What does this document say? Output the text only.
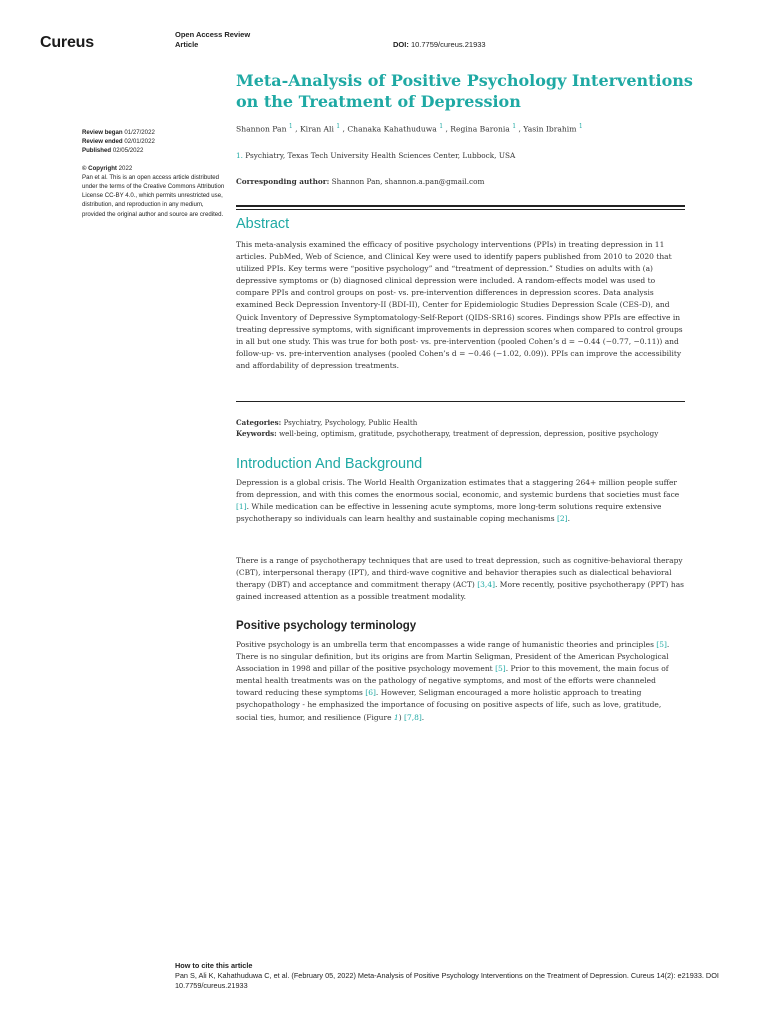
Cureus	Open Access Review
Article	DOI: 10.7759/cureus.21933
Meta-Analysis of Positive Psychology Interventions on the Treatment of Depression
Shannon Pan $^1$ , Kiran Ali $^1$ , Chanaka Kahathuduwa $^1$ , Regina Baronia $^1$ , Yasin Ibrahim $^1$
1. Psychiatry, Texas Tech University Health Sciences Center, Lubbock, USA
Corresponding author: Shannon Pan, shannon.a.pan@gmail.com
Review began 01/27/2022
Review ended 02/01/2022
Published 02/05/2022
© Copyright 2022
Pan et al. This is an open access article distributed under the terms of the Creative Commons Attribution License CC-BY 4.0., which permits unrestricted use, distribution, and reproduction in any medium, provided the original author and source are credited.
Abstract

This meta-analysis examined the efficacy of positive psychology interventions (PPIs) in treating depression in 11 articles. PubMed, Web of Science, and Clinical Key were used to identify papers published from 2010 to 2020 that utilized PPIs. Key terms were “positive psychology” and “treatment of depression.” Studies on adults with (a) depressive symptoms or (b) diagnosed clinical depression were included. A random-effects model was used to compare PPIs and control groups on post- vs. pre-intervention differences in depression scores. Data analysis examined Beck Depression Inventory-II (BDI-II), Center for Epidemiologic Studies Depression Scale (CES-D), and Quick Inventory of Depressive Symptomatology-Self-Report (QIDS-SR16) scores. Findings show PPIs are effective in treating depressive symptoms, with significant improvements in depression scores when compared to control groups in all but one study. This was true for both post- vs. pre-intervention (pooled Cohen’s d = −0.44 (−0.77, −0.11)) and follow-up- vs. pre-intervention analyses (pooled Cohen’s d = −0.46 (−1.02, 0.09)). PPIs can improve the accessibility and affordability of depression treatments.

Categories: Psychiatry, Psychology, Public Health
Keywords: well-being, optimism, gratitude, psychotherapy, treatment of depression, depression, positive psychology
Introduction And Background

Depression is a global crisis. The World Health Organization estimates that a staggering 264+ million people suffer from depression, and with this comes the enormous social, economic, and systemic burdens that societies must face [1]. While medication can be effective in lessening acute symptoms, more long-term solutions require extensive psychotherapy so individuals can learn healthy and sustainable coping mechanisms [2].

There is a range of psychotherapy techniques that are used to treat depression, such as cognitive-behavioral therapy (CBT), interpersonal therapy (IPT), and third-wave cognitive and behavior therapies such as dialectical behavioral therapy (DBT) and acceptance and commitment therapy (ACT) [3,4]. More recently, positive psychotherapy (PPT) has gained increased attention as a possible treatment modality.

Positive psychology terminology

Positive psychology is an umbrella term that encompasses a wide range of humanistic theories and principles [5]. There is no singular definition, but its origins are from Martin Seligman, President of the American Psychological Association in 1998 and pillar of the positive psychology movement [5]. Prior to this movement, the main focus of mental health treatments was on the pathology of negative symptoms, and most of the efforts were channeled toward reducing these symptoms [6]. However, Seligman encouraged a more holistic approach to treating psychopathology - he emphasized the importance of focusing on positive aspects of life, such as love, gratitude, social ties, humor, and resilience (Figure 1) [7,8].

How to cite this article
Pan S, Ali K, Kahathuduwa C, et al. (February 05, 2022) Meta-Analysis of Positive Psychology Interventions on the Treatment of Depression. Cureus 14(2): e21933. DOI 10.7759/cureus.21933
